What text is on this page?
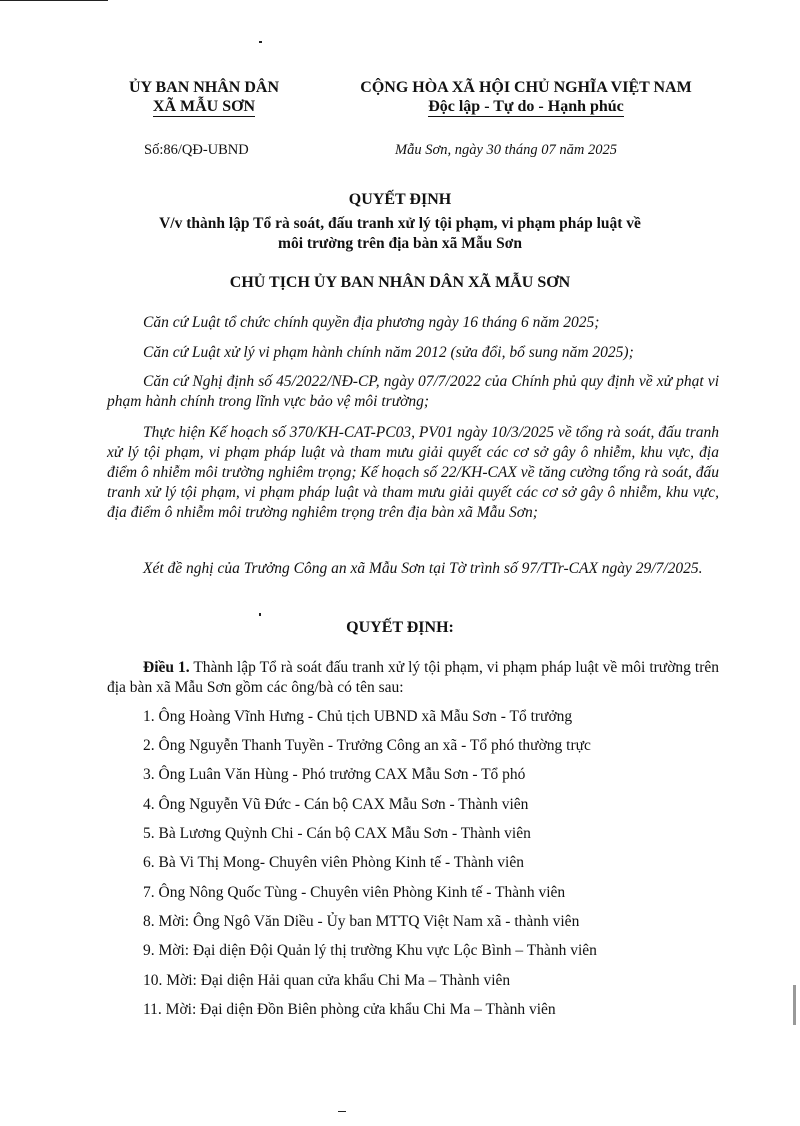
ỦY BAN NHÂN DÂN
XÃ MẪU SƠN
CỘNG HÒA XÃ HỘI CHỦ NGHĨA VIỆT NAM
Độc lập - Tự do - Hạnh phúc
Số:86/QĐ-UBND	Mẫu Sơn, ngày 30 tháng 07 năm 2025
QUYẾT ĐỊNH
V/v thành lập Tổ rà soát, đấu tranh xử lý tội phạm, vi phạm pháp luật về
môi trường trên địa bàn xã Mẫu Sơn
CHỦ TỊCH ỦY BAN NHÂN DÂN XÃ MẪU SƠN
Căn cứ Luật tổ chức chính quyền địa phương ngày 16 tháng 6 năm 2025;
Căn cứ Luật xử lý vi phạm hành chính năm 2012 (sửa đổi, bổ sung năm 2025);
Căn cứ Nghị định số 45/2022/NĐ-CP, ngày 07/7/2022 của Chính phủ quy định về xử phạt vi phạm hành chính trong lĩnh vực bảo vệ môi trường;
Thực hiện Kế hoạch số 370/KH-CAT-PC03, PV01 ngày 10/3/2025 về tổng rà soát, đấu tranh xử lý tội phạm, vi phạm pháp luật và tham mưu giải quyết các cơ sở gây ô nhiễm, khu vực, địa điểm ô nhiễm môi trường nghiêm trọng; Kế hoạch số 22/KH-CAX về tăng cường tổng rà soát, đấu tranh xử lý tội phạm, vi phạm pháp luật và tham mưu giải quyết các cơ sở gây ô nhiễm, khu vực, địa điểm ô nhiễm môi trường nghiêm trọng trên địa bàn xã Mẫu Sơn;
Xét đề nghị của Trưởng Công an xã Mẫu Sơn tại Tờ trình số 97/TTr-CAX ngày 29/7/2025.
QUYẾT ĐỊNH:
Điều 1. Thành lập Tổ rà soát đấu tranh xử lý tội phạm, vi phạm pháp luật về môi trường trên địa bàn xã Mẫu Sơn gồm các ông/bà có tên sau:
1. Ông Hoàng Vĩnh Hưng - Chủ tịch UBND xã Mẫu Sơn - Tổ trưởng
2. Ông Nguyễn Thanh Tuyền - Trưởng Công an xã - Tổ phó thường trực
3. Ông Luân Văn Hùng - Phó trưởng CAX Mẫu Sơn - Tổ phó
4. Ông Nguyễn Vũ Đức - Cán bộ CAX Mẫu Sơn - Thành viên
5. Bà Lương Quỳnh Chi - Cán bộ CAX Mẫu Sơn - Thành viên
6. Bà Vi Thị Mong- Chuyên viên Phòng Kinh tế - Thành viên
7. Ông Nông Quốc Tùng - Chuyên viên Phòng Kinh tế - Thành viên
8. Mời: Ông Ngô Văn Diều - Ủy ban MTTQ Việt Nam xã - thành viên
9. Mời: Đại diện Đội Quản lý thị trường Khu vực Lộc Bình – Thành viên
10. Mời: Đại diện Hải quan cửa khẩu Chi Ma – Thành viên
11. Mời: Đại diện Đồn Biên phòng cửa khẩu Chi Ma – Thành viên
